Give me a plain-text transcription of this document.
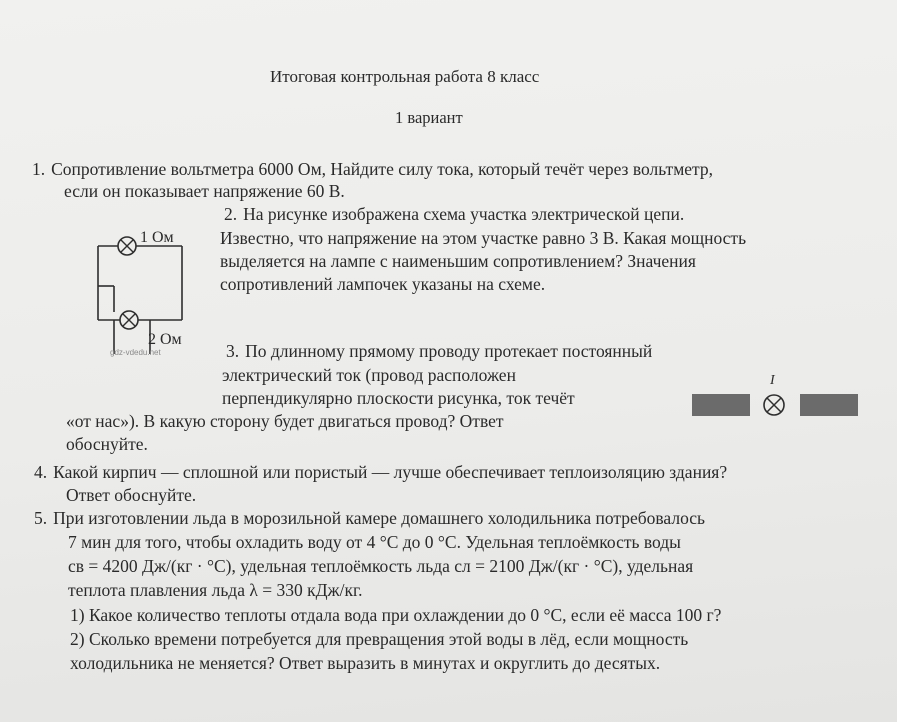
Итоговая контрольная работа 8 класс
1 вариант
1. Сопротивление вольтметра 6000 Ом, Найдите силу тока, который течёт через вольтметр,
если он показывает напряжение 60 В.
2. На рисунке изображена схема участка электрической цепи.
Известно, что напряжение на этом участке равно 3 В. Какая мощность
выделяется на лампе с наименьшим сопротивлением? Значения
сопротивлений лампочек указаны на схеме.
1 Ом
2 Ом
gdz-vdedu.net	3. По длинному прямому проводу протекает постоянный
электрический ток (провод расположен
перпендикулярно плоскости рисунка, ток течёт
«от нас»). В какую сторону будет двигаться провод? Ответ
обоснуйте.
I
4. Какой кирпич — сплошной или пористый — лучше обеспечивает теплоизоляцию здания?
Ответ обоснуйте.
5. При изготовлении льда в морозильной камере домашнего холодильника потребовалось
7 мин для того, чтобы охладить воду от 4 °С до 0 °С. Удельная теплоёмкость воды
cв = 4200 Дж/(кг · °С), удельная теплоёмкость льда cл = 2100 Дж/(кг · °С), удельная
теплота плавления льда λ = 330 кДж/кг.
1) Какое количество теплоты отдала вода при охлаждении до 0 °С, если её масса 100 г?
2) Сколько времени потребуется для превращения этой воды в лёд, если мощность
холодильника не меняется? Ответ выразить в минутах и округлить до десятых.
